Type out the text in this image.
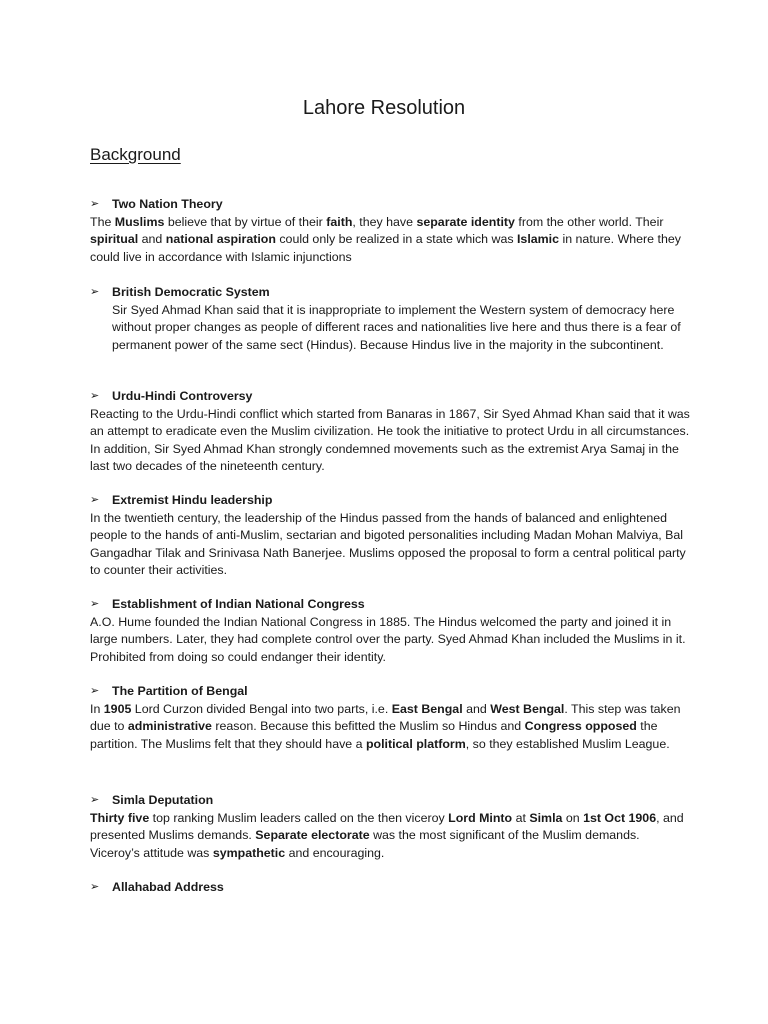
Lahore Resolution
Background
➢	Two Nation Theory

The Muslims believe that by virtue of their faith, they have separate identity from the other world. Their spiritual and national aspiration could only be realized in a state which was Islamic in nature. Where they could live in accordance with Islamic injunctions

➢	British Democratic System

Sir Syed Ahmad Khan said that it is inappropriate to implement the Western system of democracy here without proper changes as people of different races and nationalities live here and thus there is a fear of permanent power of the same sect (Hindus). Because Hindus live in the majority in the subcontinent.

➢	Urdu-Hindi Controversy

Reacting to the Urdu-Hindi conflict which started from Banaras in 1867, Sir Syed Ahmad Khan said that it was an attempt to eradicate even the Muslim civilization. He took the initiative to protect Urdu in all circumstances. In addition, Sir Syed Ahmad Khan strongly condemned movements such as the extremist Arya Samaj in the last two decades of the nineteenth century.

➢	Extremist Hindu leadership

In the twentieth century, the leadership of the Hindus passed from the hands of balanced and enlightened people to the hands of anti-Muslim, sectarian and bigoted personalities including Madan Mohan Malviya, Bal Gangadhar Tilak and Srinivasa Nath Banerjee. Muslims opposed the proposal to form a central political party to counter their activities.

➢	Establishment of Indian National Congress

A.O. Hume founded the Indian National Congress in 1885. The Hindus welcomed the party and joined it in large numbers. Later, they had complete control over the party. Syed Ahmad Khan included the Muslims in it. Prohibited from doing so could endanger their identity.

➢	The Partition of Bengal

In 1905 Lord Curzon divided Bengal into two parts, i.e. East Bengal and West Bengal. This step was taken due to administrative reason. Because this befitted the Muslim so Hindus and Congress opposed the partition. The Muslims felt that they should have a political platform, so they established Muslim League.

➢	Simla Deputation

Thirty five top ranking Muslim leaders called on the then viceroy Lord Minto at Simla on 1st Oct 1906, and presented Muslims demands. Separate electorate was the most significant of the Muslim demands. Viceroy’s attitude was sympathetic and encouraging.

➢	Allahabad Address
